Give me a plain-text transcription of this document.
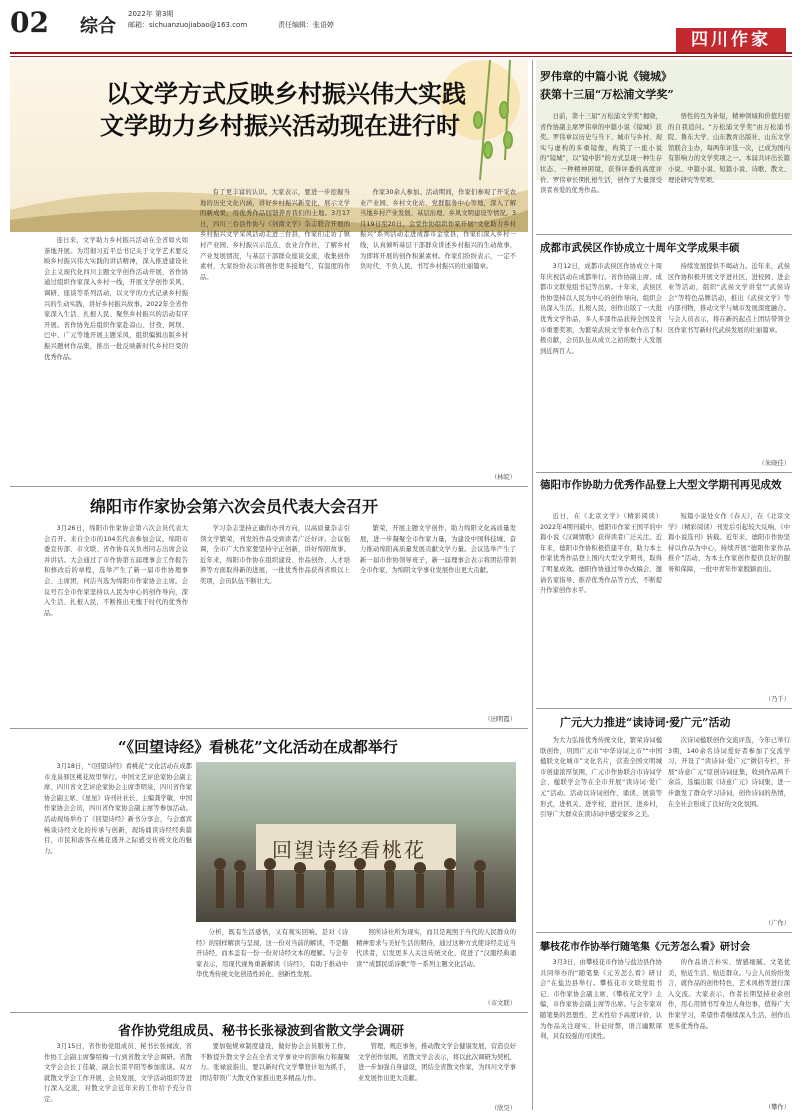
02 综合
2022年 第3期
邮箱：sichuanzuojiabao@163.com	责任编辑：张语婷
四川作家
以文学方式反映乡村振兴伟大实践
文学助力乡村振兴活动现在进行时
连日来，文学助力乡村振兴活动在全省如火如荼地开展。为贯彻习近平总书记关于文学艺术要反映乡村振兴伟大实践的讲话精神，深入推进建设社会主义现代化四川主题文学创作活动开展，省作协通过组织作家深入乡村一线，开展文学创作采风、调研、座谈等系列活动，以文学的方式记录乡村振兴的生动实践，讲好乡村振兴故事。2022年全省作家深入生活、扎根人民、聚焦乡村振兴的活动有序开展。省作协先后组织作家赴凉山、甘孜、阿坝、巴中、广元等地开展主题采风，组织编辑出版乡村振兴题材作品集，推出一批反映新时代乡村巨变的优秀作品。
有了更丰富的认识。大家表示，要进一步挖掘当地的历史文化内涵，讲好乡村振兴新变化，展示文学的新成果，用优秀作品回馈养育我们的土地。3月17日，四川三台县作协与《剑南文学》杂志联合开展的乡村振兴文学采风活动走进三台县，作家们走访了镇村产业园、乡村振兴示范点、农业合作社，了解乡村产业发展情况，与基层干部群众座谈交流，收集创作素材，大家纷纷表示将创作更多接地气、有温度的作品。
作家30余人参加。活动期间，作家们参观了开采农业产业园、乡村文化站、党群服务中心等地，深入了解当地乡村产业发展、基层治理、乡风文明建设等情况。3月19日至20日，金堂作协组织作家开展“文化助力乡村振兴”系列活动走进成都市金堂县，作家们深入乡村一线，认真倾听基层干部群众讲述乡村振兴的生动故事，为即将开展的创作积累素材。作家们纷纷表示，一定不负时代、不负人民，书写乡村振兴的壮丽篇章。
（林皖）
绵阳市作家协会第六次会员代表大会召开
3月26日，绵阳市作家协会第六次会员代表大会召开。来自全市的104名代表参加会议。绵阳市委宣传部、市文联、省作协有关负责同志出席会议并讲话。大会通过了市作协第五届理事会工作报告和修改后的章程，选举产生了新一届市作协理事会、主席团，何洁当选为绵阳市作家协会主席。会议号召全市作家坚持以人民为中心的创作导向，深入生活、扎根人民，不断推出无愧于时代的优秀作品。
学习杂志坚持正确的办刊方向，以高质量杂志引领文学繁荣，刊发的作品受到读者广泛好评。会议强调，全市广大作家要坚持守正创新，讲好绵阳故事。近年来，绵阳市作协在组织建设、作品创作、人才培养等方面取得新的进展，一批优秀作品获得省级以上奖项，会员队伍不断壮大。
繁荣，开展主题文学创作，助力绵阳文化高质量发展，进一步凝聚全市作家力量，为建设中国科技城、奋力推动绵阳高质量发展贡献文学力量。会议选举产生了新一届市作协领导班子，新一届理事会表示将团结带领全市作家，为绵阳文学事业发展作出更大贡献。
（田明霞）
“《回望诗经》看桃花”文化活动在成都举行
3月18日，“《回望诗经》看桃花”文化活动在成都市龙泉驿区桃花故里举行。中国文艺评论家协会副主席、四川省文艺评论家协会主席李明泉，四川省作家协会副主席、《星星》诗刊社社长、主编龚学敏，中国作家协会会员，四川省作家协会副主席等参加活动。活动现场举办了《回望诗经》新书分享会，与会嘉宾畅谈诗经文化的传承与创新，现场诵读诗经经典篇目，市民和游客在桃花盛开之际感受传统文化的魅力。	回望诗经看桃花
分析，既有生活感悟，又有观实回响。是对《诗经》的别样解读与呈现，这一份对当前的解读，不是翻开诗经，而本盖有一份一份对诗经文本的理解。与会专家表示，用现代视角重新解读《诗经》，有助于推动中华优秀传统文化创造性转化、创新性发展。
照所诗社所为现实，而且是观照于当代的人民群众的精神需求与美好生活的期待，通过这种方式使诗经走近当代读者，启发更多人关注传统文化，促进了“汉服经典诵读”“成都民谣诗歌”等一系列主题文化活动。
（市文联）
省作协党组成员、秘书长张禄波到省散文学会调研
3月15日，省作协党组成员、秘书长张禄波，省作协工会副主席黎绍梅一行到省散文学会调研。省散文学会会长丁佳敏、副会长雷平阳等参加座谈。双方就散文学会工作开展、会员发展、文学活动组织等进行深入交流，对散文学会近年来的工作给予充分肯定。
要加强规章制度建设，做好协会会员服务工作，不断提升散文学会在全省文学事业中的影响力和凝聚力。张禄波指出，要以新时代文学攀登计划为抓手，团结带领广大散文作家推出更多精品力作。
管理，规范事务，推动散文学会健康发展，营造良好文学创作氛围。省散文学会表示，将以此次调研为契机，进一步加强自身建设，团结全省散文作家，为四川文学事业发展作出更大贡献。
（欣昊）
罗伟章的中篇小说《镜城》
获第十三届“万松浦文学奖”
日前，第十三届“万松浦文学奖”揭晓，省作协副主席罗伟章的中篇小说《镜城》获奖。罗伟章以历史与当下、城市与乡村、现实与虚构的多重镜像，构筑了一座小说的“镜城”，以“镜中影”的方式呈现一种生存状态、一种精神困境，获得评委的高度评价。罗伟章长期扎根生活，创作了大量深受读者喜爱的优秀作品。
悟性的互为补短，精神领域和价值归宿的自我追问。“万松浦文学奖”由万松浦书院、鲁东大学、山东教育出版社、山东文学馆联合主办，每两年评选一次，已成为国内有影响力的文学奖项之一。本届共评出长篇小说、中篇小说、短篇小说、诗歌、散文、理论研究等奖项。
成都市武侯区作协成立十周年文学成果丰硕
3月12日，成都市武侯区作协成立十周年庆祝活动在成都举行。省作协副主席、成都市文联党组书记等出席。十年来，武侯区作协坚持以人民为中心的创作导向，组织会员深入生活、扎根人民，创作出版了一大批优秀文学作品，多人多部作品获得全国及省市重要奖项，为繁荣武侯文学事业作出了积极贡献，会员队伍从成立之初的数十人发展到近两百人。
持续发展提供不竭动力。近年来，武侯区作协积极开展文学进社区、进校园、进企业等活动，组织“武侯文学讲堂”“武侯诗会”等特色品牌活动，推出《武侯文学》等内部刊物，推动文学与城市发展深度融合。与会人员表示，将在新的起点上团结带领全区作家书写新时代武侯发展的壮丽篇章。
（朱晓佳）
德阳市作协助力优秀作品登上大型文学期刊再见成效
近日，在《北京文学》（精彩阅读）2022年4期刊载中，德阳市作家王国平的中篇小说《汉调情歌》获得读者广泛关注。近年来，德阳市作协积极搭建平台，助力本土作家优秀作品登上国内大型文学期刊，取得了明显成效。德阳作协通过举办改稿会、邀请名家指导、推荐优秀作品等方式，不断提升作家创作水平。
短篇小说处女作《春天》，在《北京文学》（精彩阅读）刊发后引起较大反响，《中篇小说选刊》转载。近年来，德阳市作协坚持以作品为中心，持续开展“德阳作家作品推介”活动，为本土作家创作提供良好的服务和保障，一批中青年作家脱颖而出。
（乃千）
广元大力推进“读诗词·爱广元”活动
为大力弘扬优秀传统文化，繁荣诗词楹联创作，巩固广元市“中华诗词之市”“中国楹联文化城市”文化名片，营造全国文明城市创建浓厚氛围，广元市作协联合市诗词学会、楹联学会等在全市开展“读诗词·爱广元”活动。活动以诗词创作、诵读、展演等形式，进机关、进学校、进社区、进乡村，引导广大群众在读诗词中感受家乡之美。
次诗词楹联创作交流评选，今年已举行3期，140余名诗词爱好者参加了交流学习，开设了“读诗词·爱广元”微信专栏，开展“诗意广元”原创诗词征集，收到作品两千余首，选编出版《诗意广元》诗词集，进一步激发了群众学习诗词、创作诗词的热情，在全社会形成了良好的文化氛围。
（广作）
攀枝花市作协举行随笔集《元芳怎么看》研讨会
3月3日，由攀枝花市作协与盐边县作协共同举办的“随笔集《元芳怎么看》研讨会”在盐边县举行。攀枝花市文联党组书记、市作家协会副主席、《攀枝花文学》主编，市作家协会副主席等出席。与会专家对随笔集的思想性、艺术性给予高度评价，认为作品关注现实、针砭时弊，语言幽默犀利，具有较强的可读性。
的作品语言朴实、情感细腻、文笔优美，贴近生活、贴近群众。与会人员纷纷发言，就作品的创作特色、艺术风格等进行深入交流。大家表示，作者长期坚持业余创作，用心用情书写身边人身边事，值得广大作家学习，希望作者继续深入生活，创作出更多优秀作品。
（攀作）
